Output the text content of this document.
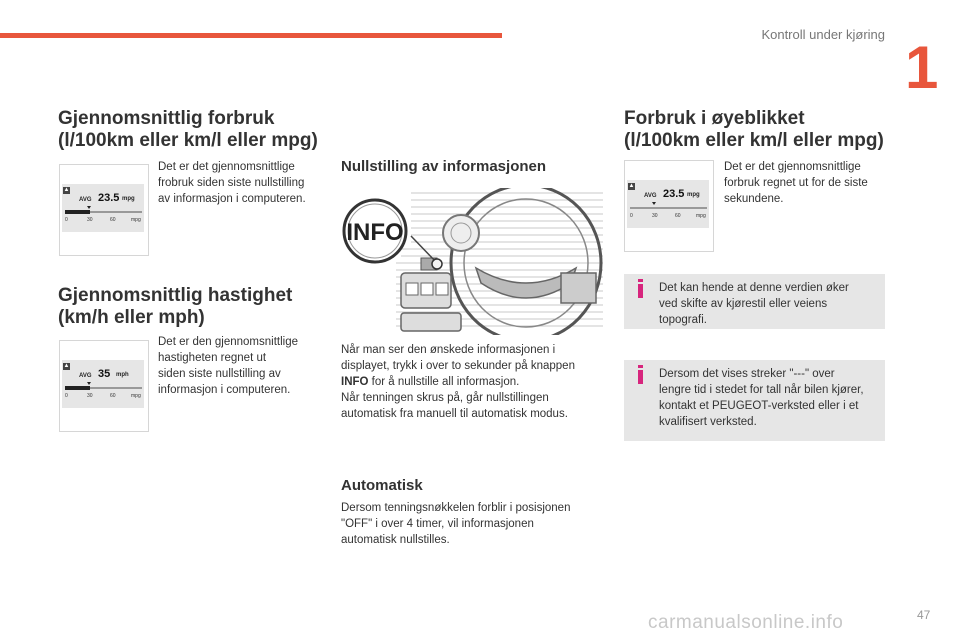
Kontroll under kjøring 1
Gjennomsnittlig forbruk
(l/100km eller km/l eller mpg)
▲
AVG 23.5 mpg
0	30	60	mpg
Det er det gjennomsnittlige
frobruk siden siste nullstilling
av informasjon i computeren.
Gjennomsnittlig hastighet
(km/h eller mph)
▲
AVG 35 mph
0	30	60	mpg
Det er den gjennomsnittlige
hastigheten regnet ut
siden siste nullstilling av
informasjon i computeren.
Nullstilling av informasjonen
INFO
Når man ser den ønskede informasjonen i
displayet, trykk i over to sekunder på knappen
INFO for å nullstille all informasjon.
Når tenningen skrus på, går nullstillingen
automatisk fra manuell til automatisk modus.
Automatisk
Dersom tenningsnøkkelen forblir i posisjonen
"OFF" i over 4 timer, vil informasjonen
automatisk nullstilles.
Forbruk i øyeblikket
(l/100km eller km/l eller mpg)
▲
AVG 23.5 mpg
0	30	60	mpg
Det er det gjennomsnittlige
forbruk regnet ut for de siste
sekundene.
Det kan hende at denne verdien øker
ved skifte av kjørestil eller veiens
topografi.
Dersom det vises streker "---" over
lengre tid i stedet for tall når bilen kjører,
kontakt et PEUGEOT-verksted eller i et
kvalifisert verksted.
carmanualsonline.info	47
